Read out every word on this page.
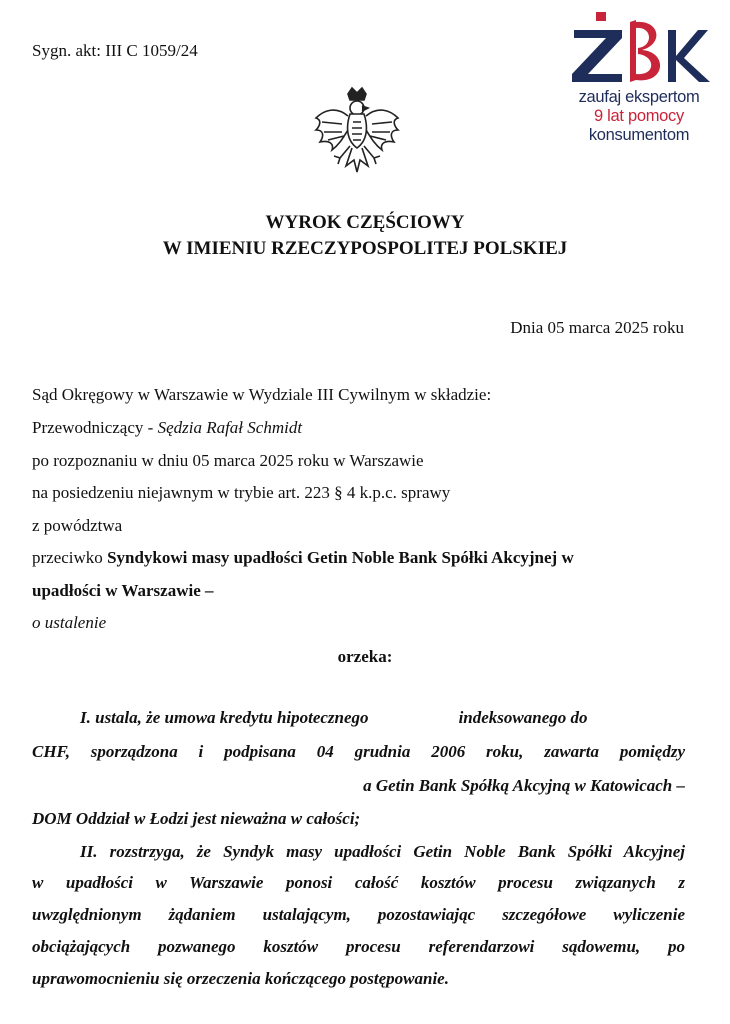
Sygn. akt: III C 1059/24
zaufaj ekspertom
9 lat pomocy
konsumentom
WYROK CZĘŚCIOWY
W IMIENIU RZECZYPOSPOLITEJ POLSKIEJ
Dnia 05 marca 2025 roku
Sąd Okręgowy w Warszawie w Wydziale III Cywilnym w składzie:
Przewodniczący - Sędzia Rafał Schmidt
po rozpoznaniu w dniu 05 marca 2025 roku w Warszawie
na posiedzeniu niejawnym w trybie art. 223 § 4 k.p.c. sprawy
z powództwa
przeciwko Syndykowi masy upadłości Getin Noble Bank Spółki Akcyjnej w
upadłości w Warszawie –
o ustalenie
orzeka:
I. ustala, że umowa kredytu hipotecznego	indeksowanego do
CHF, sporządzona i podpisana 04 grudnia 2006 roku, zawarta pomiędzy
a Getin Bank Spółką Akcyjną w Katowicach –
DOM Oddział w Łodzi jest nieważna w całości;
II. rozstrzyga, że Syndyk masy upadłości Getin Noble Bank Spółki Akcyjnej
w upadłości w Warszawie ponosi całość kosztów procesu związanych z
uwzględnionym żądaniem ustalającym, pozostawiając szczegółowe wyliczenie
obciążających pozwanego kosztów procesu referendarzowi sądowemu, po
uprawomocnieniu się orzeczenia kończącego postępowanie.
